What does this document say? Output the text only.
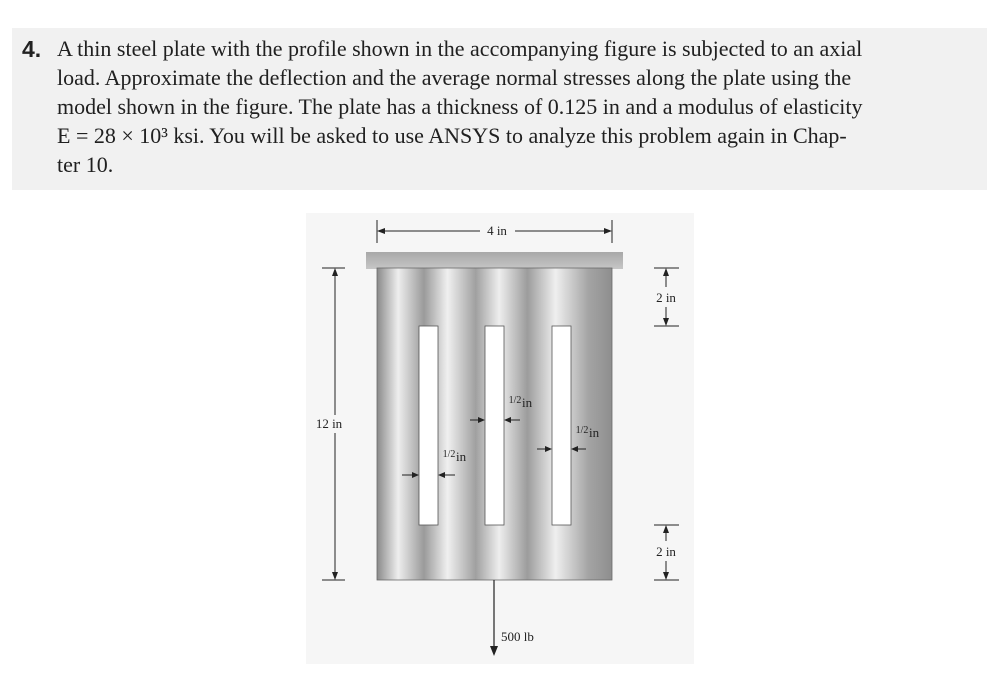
4. A thin steel plate with the profile shown in the accompanying figure is subjected to an axial
load. Approximate the deflection and the average normal stresses along the plate using the
model shown in the figure. The plate has a thickness of 0.125 in and a modulus of elasticity
E = 28 × 10³ ksi. You will be asked to use ANSYS to analyze this problem again in Chap-
ter 10.
4 in
12 in
2 in
2 in
1/2 in
1/2 in
1/2 in
500 lb
